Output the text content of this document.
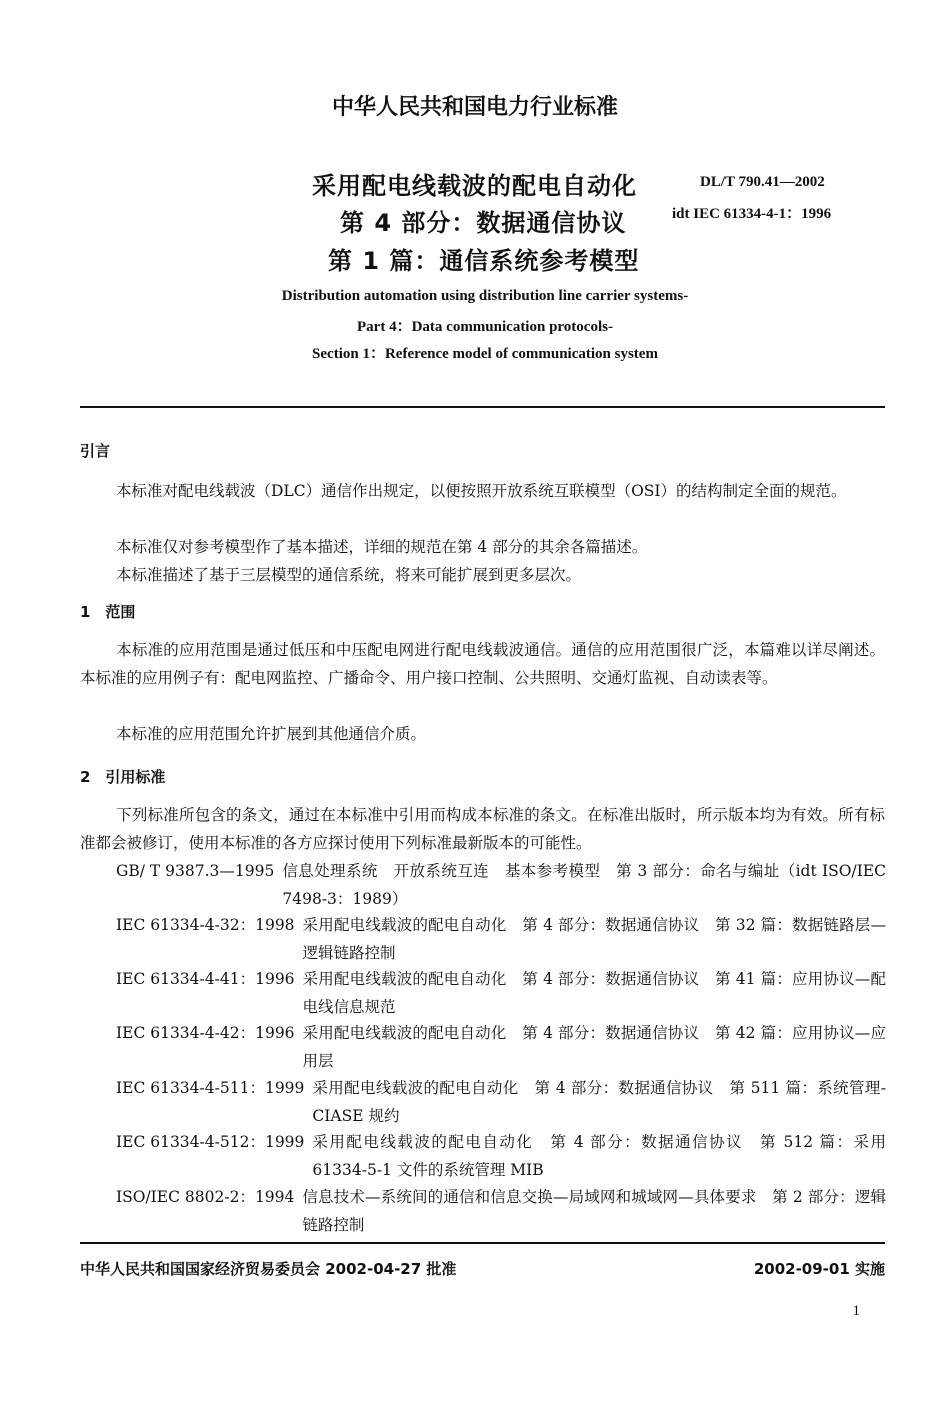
中华人民共和国电力行业标准
采用配电线载波的配电自动化
第 4 部分：数据通信协议
第 1 篇：通信系统参考模型
DL/T 790.41—2002
idt IEC 61334-4-1：1996
Distribution automation using distribution line carrier systems-
Part 4：Data communication protocols-
Section 1：Reference model of communication system
引言
本标准对配电线载波（DLC）通信作出规定，以便按照开放系统互联模型（OSI）的结构制定全面的规范。
本标准仅对参考模型作了基本描述，详细的规范在第 4 部分的其余各篇描述。
本标准描述了基于三层模型的通信系统，将来可能扩展到更多层次。
1　范围
本标准的应用范围是通过低压和中压配电网进行配电线载波通信。通信的应用范围很广泛，本篇难以详尽阐述。本标准的应用例子有：配电网监控、广播命令、用户接口控制、公共照明、交通灯监视、自动读表等。
本标准的应用范围允许扩展到其他通信介质。
2　引用标准
下列标准所包含的条文，通过在本标准中引用而构成本标准的条文。在标准出版时，所示版本均为有效。所有标准都会被修订，使用本标准的各方应探讨使用下列标准最新版本的可能性。
GB/ T 9387.3—1995 信息处理系统　开放系统互连　基本参考模型　第 3 部分：命名与编址（idt ISO/IEC 7498-3：1989）
IEC 61334-4-32：1998 采用配电线载波的配电自动化　第 4 部分：数据通信协议　第 32 篇：数据链路层—逻辑链路控制
IEC 61334-4-41：1996 采用配电线载波的配电自动化　第 4 部分：数据通信协议　第 41 篇：应用协议—配电线信息规范
IEC 61334-4-42：1996 采用配电线载波的配电自动化　第 4 部分：数据通信协议　第 42 篇：应用协议—应用层
IEC 61334-4-511：1999 采用配电线载波的配电自动化　第 4 部分：数据通信协议　第 511 篇：系统管理-CIASE 规约
IEC 61334-4-512：1999 采用配电线载波的配电自动化　第 4 部分：数据通信协议　第 512 篇：采用 61334-5-1 文件的系统管理 MIB
ISO/IEC 8802-2：1994 信息技术—系统间的通信和信息交换—局域网和城域网—具体要求　第 2 部分：逻辑链路控制
中华人民共和国国家经济贸易委员会 2002-04-27 批准	2002-09-01 实施
1
